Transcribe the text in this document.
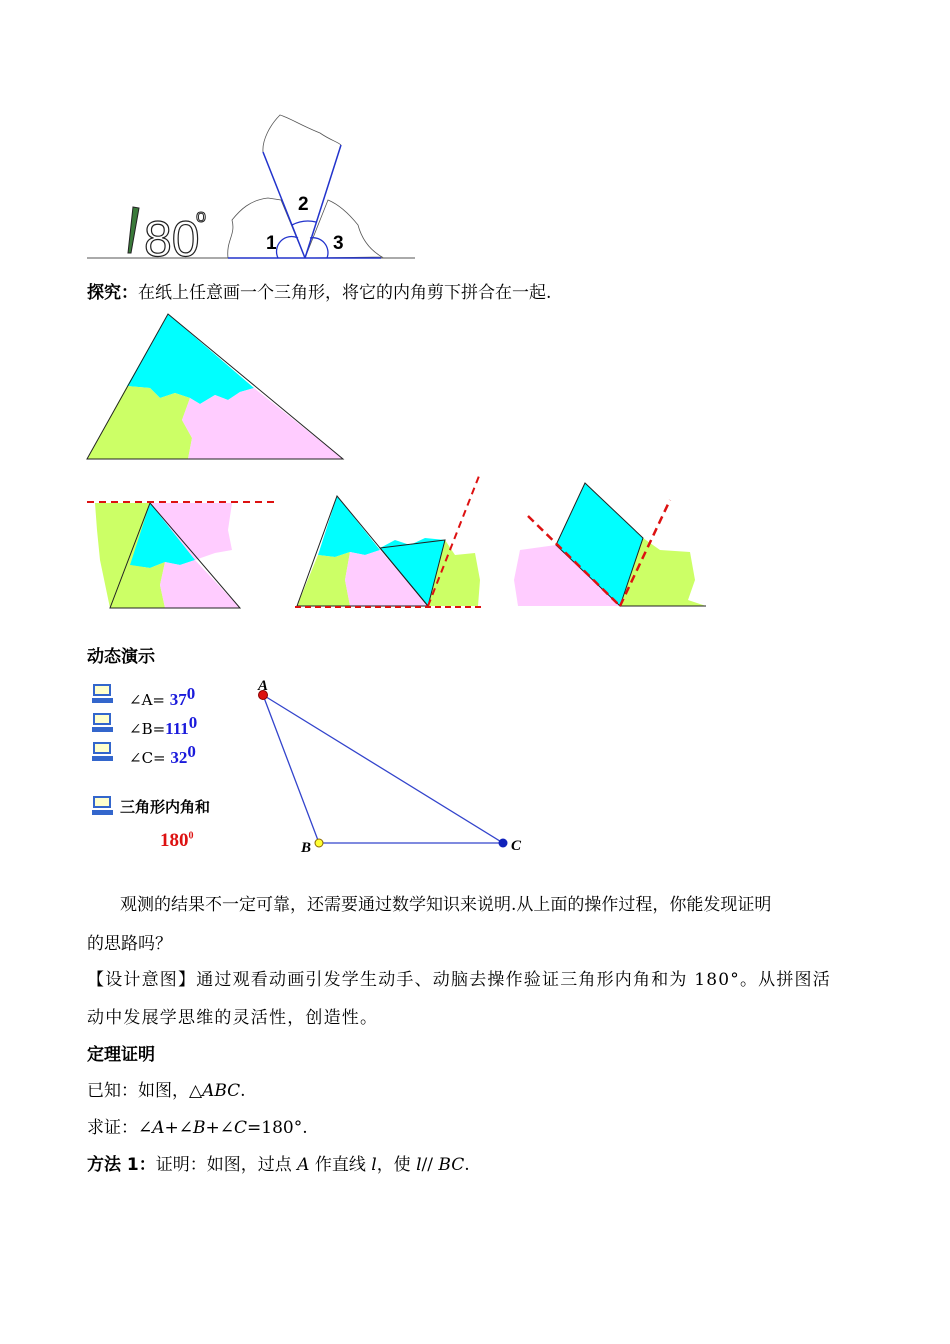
80
o
1
2
3
探究：在纸上任意画一个三角形，将它的内角剪下拼合在一起.
动态演示
∠A= $37^0$
$\angle B=111^0$
∠C= $32^0$
三角形内角和
$180^0$
A
B	C
观测的结果不一定可靠，还需要通过数学知识来说明.从上面的操作过程，你能发现证明
的思路吗？
【设计意图】通过观看动画引发学生动手、动脑去操作验证三角形内角和为 180°。从拼图活
动中发展学思维的灵活性，创造性。
定理证明
已知：如图，△ABC.
求证：∠A+∠B+∠C=180°.
方法 1：证明：如图，过点 A 作直线 l，使 l// BC.
